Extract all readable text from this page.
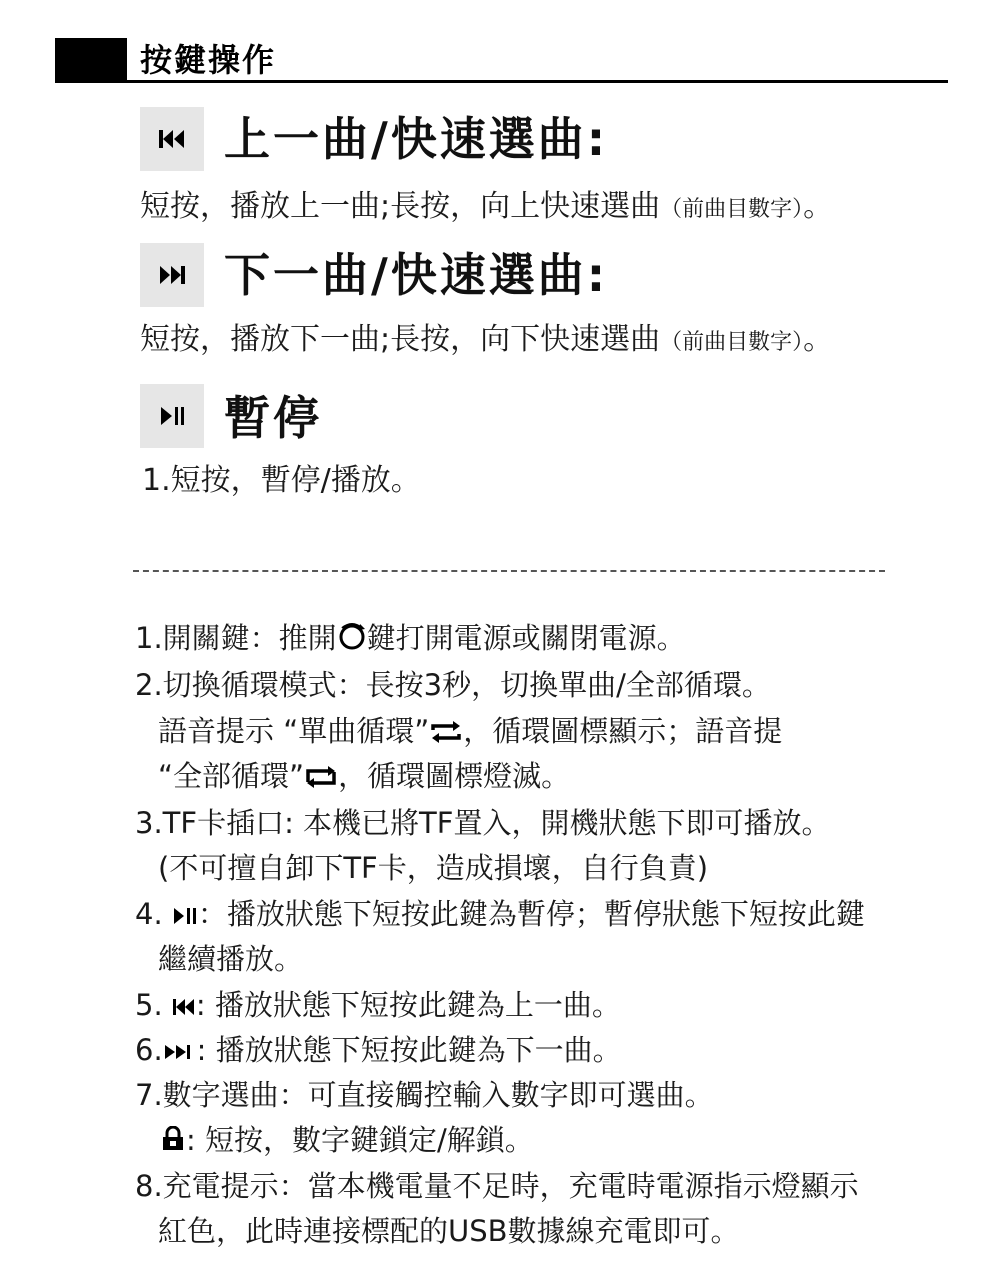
按鍵操作
上一曲/快速選曲:
短按，播放上一曲;長按，向上快速選曲（前曲目數字）。
下一曲/快速選曲:
短按，播放下一曲;長按，向下快速選曲（前曲目數字）。
暫停
1.短按，暫停/播放。
1.開關鍵：推開 鍵打開電源或關閉電源。
2.切換循環模式：長按3秒，切換單曲/全部循環。
語音提示 “單曲循環” ，循環圖標顯示；語音提
“全部循環” ，循環圖標燈滅。
3.TF卡插口: 本機已將TF置入，開機狀態下即可播放。
(不可擅自卸下TF卡，造成損壞，自行負責)
4. ：播放狀態下短按此鍵為暫停；暫停狀態下短按此鍵
繼續播放。
5. : 播放狀態下短按此鍵為上一曲。
6. : 播放狀態下短按此鍵為下一曲。
7.數字選曲：可直接觸控輸入數字即可選曲。
: 短按，數字鍵鎖定/解鎖。
8.充電提示：當本機電量不足時，充電時電源指示燈顯示
紅色，此時連接標配的USB數據線充電即可。
